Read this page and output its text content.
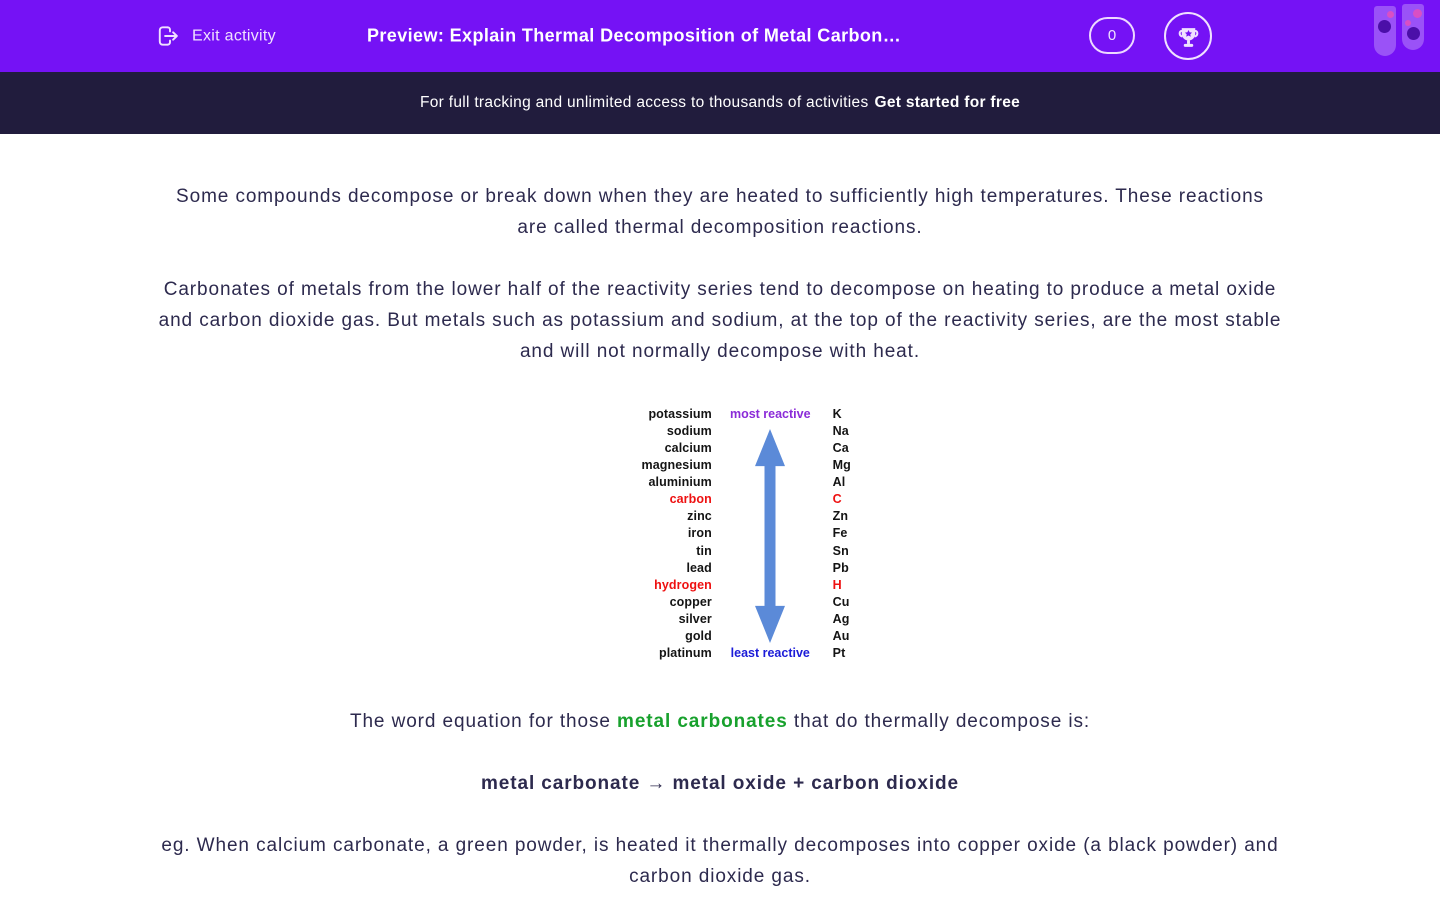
Exit activity	Preview: Explain Thermal Decomposition of Metal Carbon…	0
For full tracking and unlimited access to thousands of activities Get started for free

Some compounds decompose or break down when they are heated to sufficiently high temperatures. These reactions are called thermal decomposition reactions.

Carbonates of metals from the lower half of the reactivity series tend to decompose on heating to produce a metal oxide and carbon dioxide gas. But metals such as potassium and sodium, at the top of the reactivity series, are the most stable and will not normally decompose with heat.

potassium
sodium
calcium
magnesium
aluminium
carbon
zinc
iron
tin
lead
hydrogen
copper
silver
gold
platinum
most reactive
least reactive
K
Na
Ca
Mg
Al
C
Zn
Fe
Sn
Pb
H
Cu
Ag
Au
Pt

The word equation for those metal carbonates that do thermally decompose is:

metal carbonate → metal oxide + carbon dioxide

eg. When calcium carbonate, a green powder, is heated it thermally decomposes into copper oxide (a black powder) and carbon dioxide gas.
